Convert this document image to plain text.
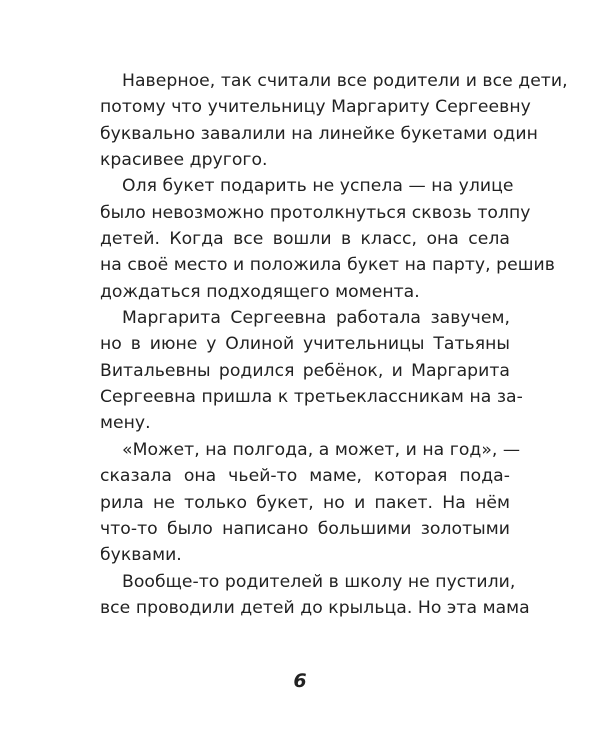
Наверное, так считали все родители и все дети,
потому что учительницу Маргариту Сергеевну
буквально завалили на линейке букетами один
красивее другого.

Оля букет подарить не успела — на улице
было невозможно протолкнуться сквозь толпу
детей. Когда все вошли в класс, она села
на своё место и положила букет на парту, решив
дождаться подходящего момента.

Маргарита Сергеевна работала завучем,
но в июне у Олиной учительницы Татьяны
Витальевны родился ребёнок, и Маргарита
Сергеевна пришла к третьеклассникам на за-
мену.

«Может, на полгода, а может, и на год», —
сказала она чьей-то маме, которая пода-
рила не только букет, но и пакет. На нём
что-то было написано большими золотыми
буквами.

Вообще-то родителей в школу не пустили,
все проводили детей до крыльца. Но эта мама

6
